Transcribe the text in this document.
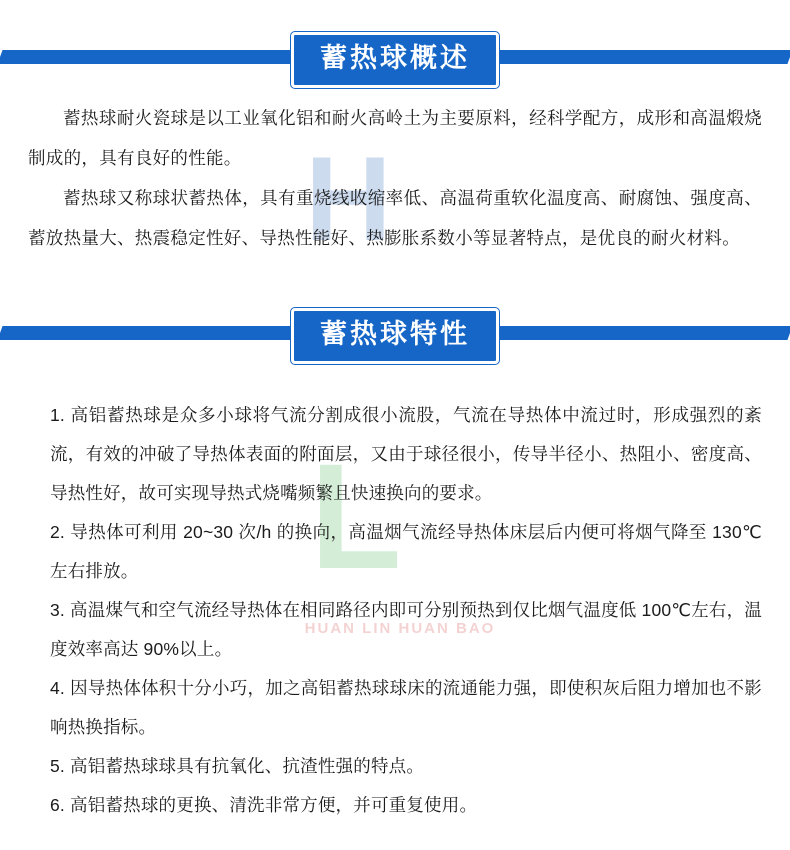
H
L
HUAN LIN HUAN BAO
蓄热球概述

蓄热球耐火瓷球是以工业氧化铝和耐火高岭土为主要原料，经科学配方，成形和高温煅烧制成的，具有良好的性能。

蓄热球又称球状蓄热体，具有重烧线收缩率低、高温荷重软化温度高、耐腐蚀、强度高、蓄放热量大、热震稳定性好、导热性能好、热膨胀系数小等显著特点，是优良的耐火材料。

蓄热球特性

1. 高铝蓄热球是众多小球将气流分割成很小流股，气流在导热体中流过时，形成强烈的紊流，有效的冲破了导热体表面的附面层，又由于球径很小，传导半径小、热阻小、密度高、导热性好，故可实现导热式烧嘴频繁且快速换向的要求。

2. 导热体可利用 20~30 次/h 的换向，高温烟气流经导热体床层后内便可将烟气降至 130℃左右排放。

3. 高温煤气和空气流经导热体在相同路径内即可分别预热到仅比烟气温度低 100℃左右，温度效率高达 90%以上。

4. 因导热体体积十分小巧，加之高铝蓄热球球床的流通能力强，即使积灰后阻力增加也不影响热换指标。

5. 高铝蓄热球球具有抗氧化、抗渣性强的特点。

6. 高铝蓄热球的更换、清洗非常方便，并可重复使用。
